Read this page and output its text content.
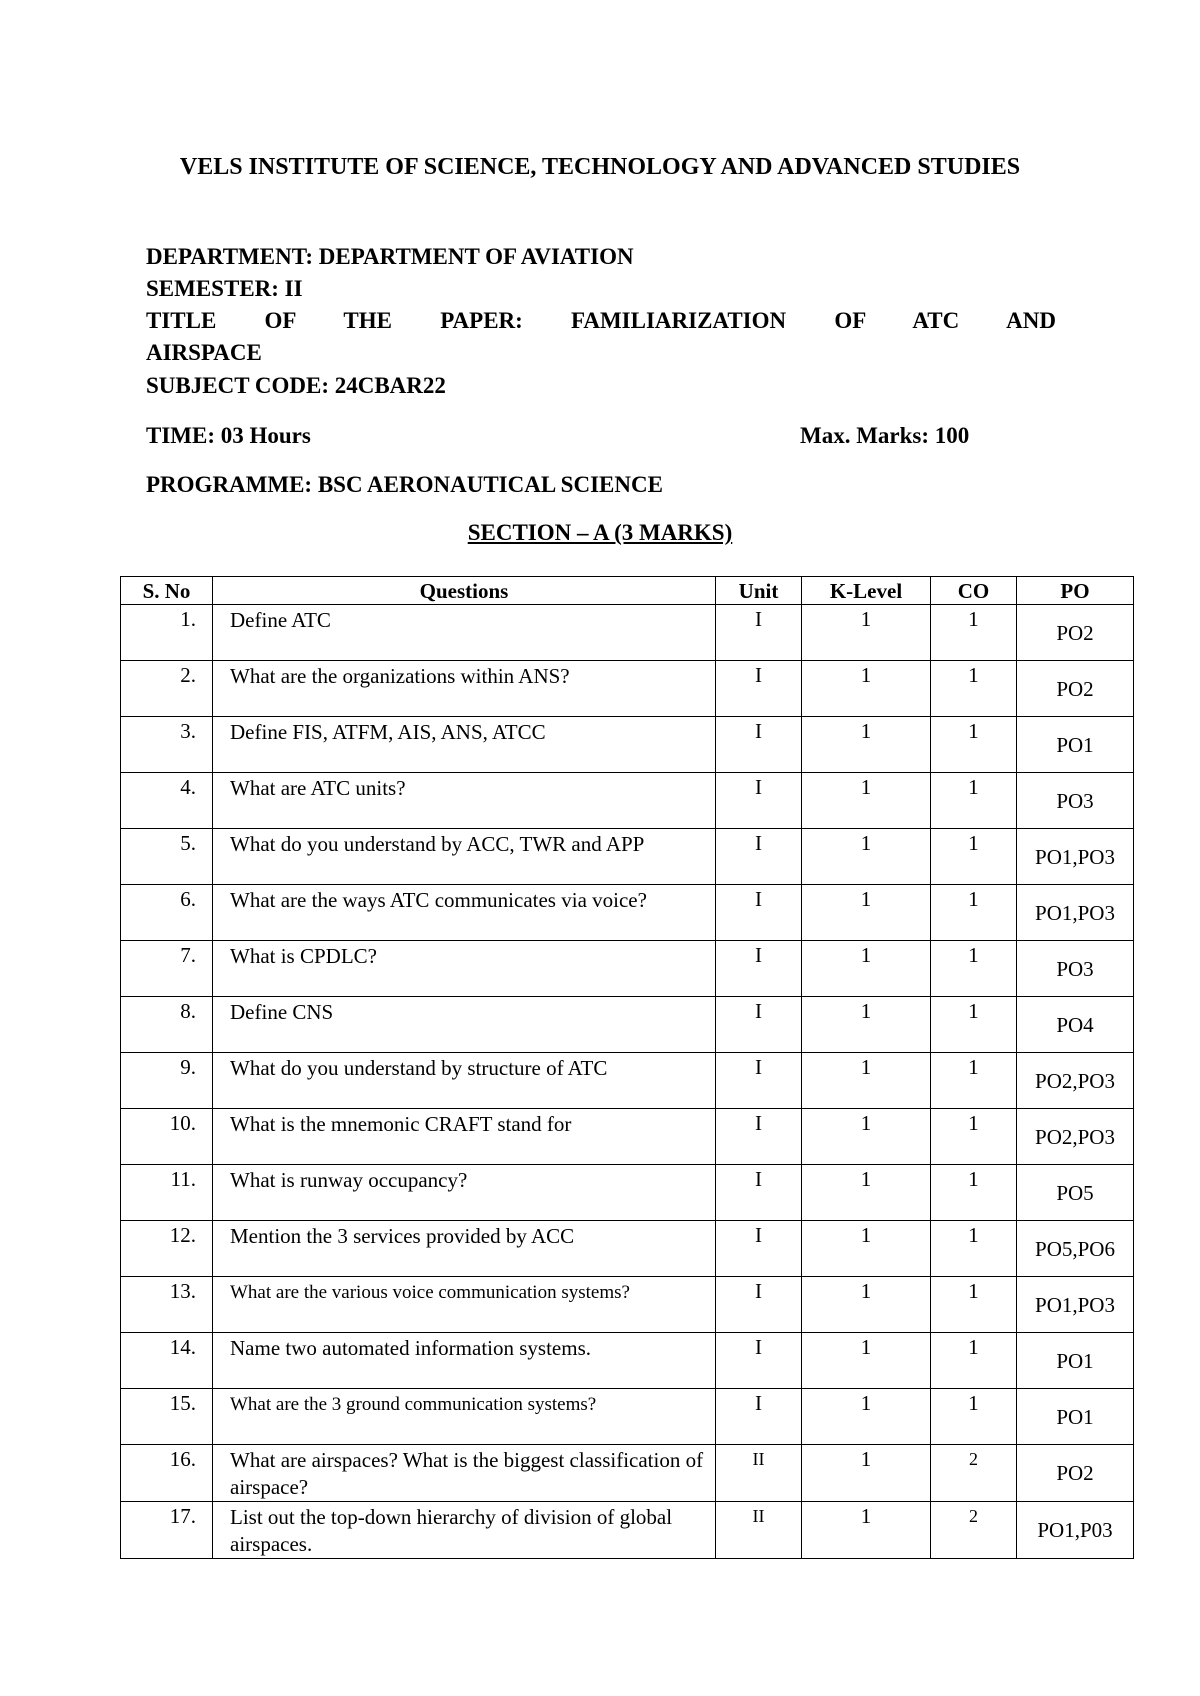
VELS INSTITUTE OF SCIENCE, TECHNOLOGY AND ADVANCED STUDIES
DEPARTMENT: DEPARTMENT OF AVIATION
SEMESTER: II
TITLE OF THE PAPER: FAMILIARIZATION OF ATC AND
AIRSPACE
SUBJECT CODE: 24CBAR22
TIME: 03 Hours	Max. Marks: 100
PROGRAMME: BSC AERONAUTICAL SCIENCE
SECTION – A (3 MARKS)
S. No	Questions	Unit	K-Level	CO	PO
1.	Define ATC	I	1	1	PO2
2.	What are the organizations within ANS?	I	1	1	PO2
3.	Define FIS, ATFM, AIS, ANS, ATCC	I	1	1	PO1
4.	What are ATC units?	I	1	1	PO3
5.	What do you understand by ACC, TWR and APP	I	1	1	PO1,PO3
6.	What are the ways ATC communicates via voice?	I	1	1	PO1,PO3
7.	What is CPDLC?	I	1	1	PO3
8.	Define CNS	I	1	1	PO4
9.	What do you understand by structure of ATC	I	1	1	PO2,PO3
10.	What is the mnemonic CRAFT stand for	I	1	1	PO2,PO3
11.	What is runway occupancy?	I	1	1	PO5
12.	Mention the 3 services provided by ACC	I	1	1	PO5,PO6
13.	What are the various voice communication systems?	I	1	1	PO1,PO3
14.	Name two automated information systems.	I	1	1	PO1
15.	What are the 3 ground communication systems?	I	1	1	PO1
16.	What are airspaces? What is the biggest classification of airspace?	II	1	2	PO2
17.	List out the top-down hierarchy of division of global airspaces.	II	1	2	PO1,P03
